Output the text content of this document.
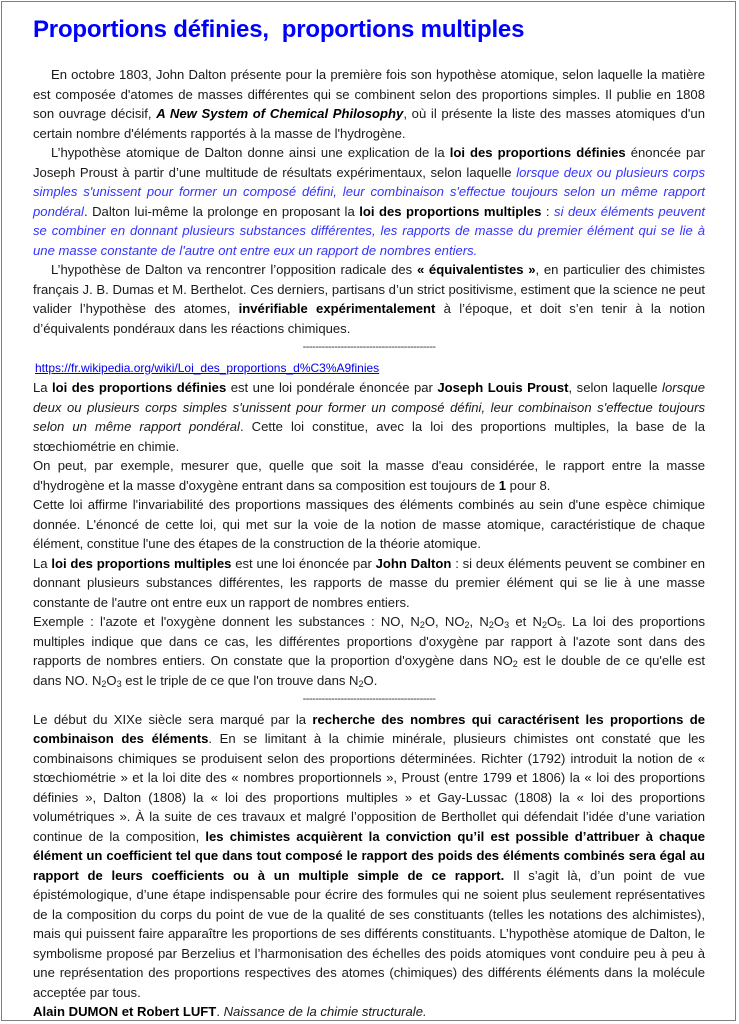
Proportions définies,  proportions multiples

En octobre 1803, John Dalton présente pour la première fois son hypothèse atomique, selon laquelle la matière est composée d'atomes de masses différentes qui se combinent selon des proportions simples. Il publie en 1808 son ouvrage décisif, A New System of Chemical Philosophy, où il présente la liste des masses atomiques d'un certain nombre d'éléments rapportés à la masse de l'hydrogène.

L’hypothèse atomique de Dalton donne ainsi une explication de la loi des proportions définies énoncée par Joseph Proust à partir d’une multitude de résultats expérimentaux, selon laquelle lorsque deux ou plusieurs corps simples s'unissent pour former un composé défini, leur combinaison s'effectue toujours selon un même rapport pondéral. Dalton lui-même la prolonge en proposant la loi des proportions multiples : si deux éléments peuvent se combiner en donnant plusieurs substances différentes, les rapports de masse du premier élément qui se lie à une masse constante de l'autre ont entre eux un rapport de nombres entiers.

L’hypothèse de Dalton va rencontrer l’opposition radicale des « équivalentistes », en particulier des chimistes français J. B. Dumas et M. Berthelot. Ces derniers, partisans d’un strict positivisme, estiment que la science ne peut valider l’hypothèse des atomes, invérifiable expérimentalement à l’époque, et doit s’en tenir à la notion d’équivalents pondéraux dans les réactions chimiques.

------------------------------------------

https://fr.wikipedia.org/wiki/Loi_des_proportions_d%C3%A9finies

La loi des proportions définies est une loi pondérale énoncée par Joseph Louis Proust, selon laquelle lorsque deux ou plusieurs corps simples s'unissent pour former un composé défini, leur combinaison s'effectue toujours selon un même rapport pondéral. Cette loi constitue, avec la loi des proportions multiples, la base de la stœchiométrie en chimie.

On peut, par exemple, mesurer que, quelle que soit la masse d'eau considérée, le rapport entre la masse d'hydrogène et la masse d'oxygène entrant dans sa composition est toujours de 1 pour 8.

Cette loi affirme l'invariabilité des proportions massiques des éléments combinés au sein d'une espèce chimique donnée. L'énoncé de cette loi, qui met sur la voie de la notion de masse atomique, caractéristique de chaque élément, constitue l'une des étapes de la construction de la théorie atomique.

La loi des proportions multiples est une loi énoncée par John Dalton : si deux éléments peuvent se combiner en donnant plusieurs substances différentes, les rapports de masse du premier élément qui se lie à une masse constante de l'autre ont entre eux un rapport de nombres entiers.

Exemple : l'azote et l'oxygène donnent les substances : NO, $N_2O$, $NO_2$, $N_2O_3$ et $N_2O_5$. La loi des proportions multiples indique que dans ce cas, les différentes proportions d'oxygène par rapport à l'azote sont dans des rapports de nombres entiers. On constate que la proportion d'oxygène dans $NO_2$ est le double de ce qu'elle est dans NO. $N_2O_3$ est le triple de ce que l'on trouve dans $N_2O$.

------------------------------------------

Le début du XIXe siècle sera marqué par la recherche des nombres qui caractérisent les proportions de combinaison des éléments. En se limitant à la chimie minérale, plusieurs chimistes ont constaté que les combinaisons chimiques se produisent selon des proportions déterminées. Richter (1792) introduit la notion de « stœchiométrie » et la loi dite des « nombres proportionnels », Proust (entre 1799 et 1806) la « loi des proportions définies », Dalton (1808) la « loi des proportions multiples » et Gay-Lussac (1808) la « loi des proportions volumétriques ». À la suite de ces travaux et malgré l’opposition de Berthollet qui défendait l’idée d’une variation continue de la composition, les chimistes acquièrent la conviction qu’il est possible d’attribuer à chaque élément un coefficient tel que dans tout composé le rapport des poids des éléments combinés sera égal au rapport de leurs coefficients ou à un multiple simple de ce rapport. Il s’agit là, d’un point de vue épistémologique, d’une étape indispensable pour écrire des formules qui ne soient plus seulement représentatives de la composition du corps du point de vue de la qualité de ses constituants (telles les notations des alchimistes), mais qui puissent faire apparaître les proportions de ses différents constituants. L’hypothèse atomique de Dalton, le symbolisme proposé par Berzelius et l’harmonisation des échelles des poids atomiques vont conduire peu à peu à une représentation des proportions respectives des atomes (chimiques) des différents éléments dans la molécule acceptée par tous.

Alain DUMON et Robert LUFT. Naissance de la chimie structurale.
